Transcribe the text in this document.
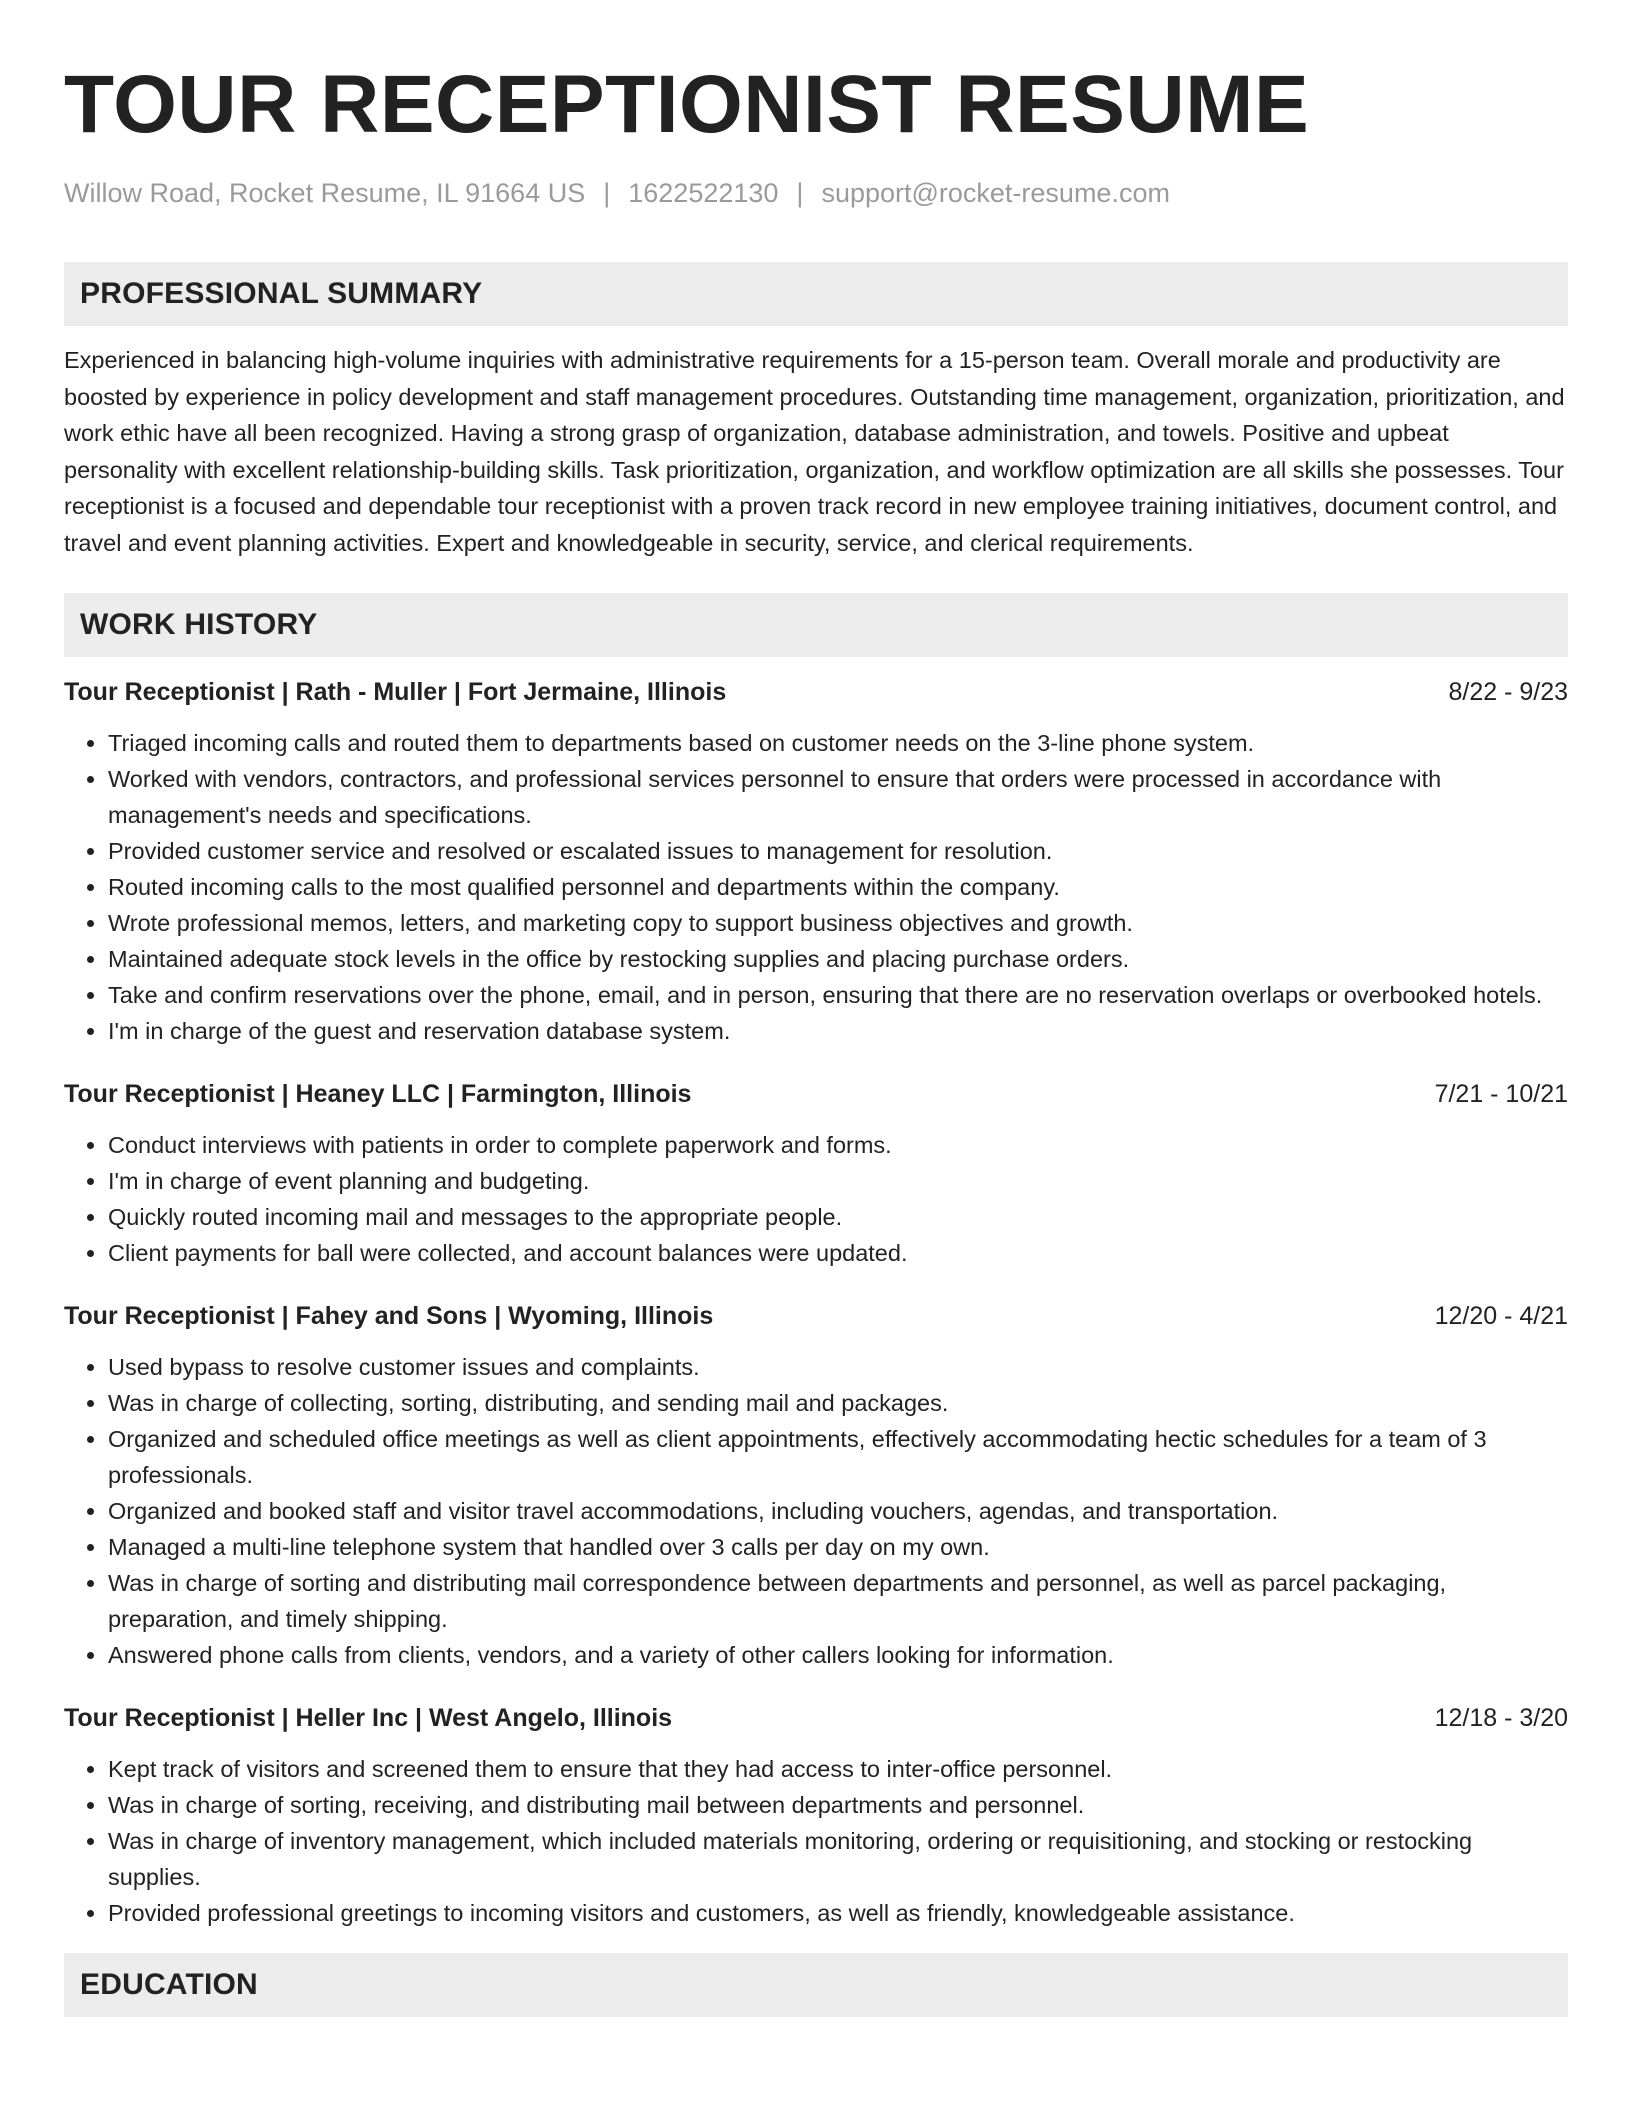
TOUR RECEPTIONIST RESUME
Willow Road, Rocket Resume, IL 91664 US | 1622522130 | support@rocket-resume.com
PROFESSIONAL SUMMARY

Experienced in balancing high-volume inquiries with administrative requirements for a 15-person team. Overall morale and productivity are boosted by experience in policy development and staff management procedures. Outstanding time management, organization, prioritization, and work ethic have all been recognized. Having a strong grasp of organization, database administration, and towels. Positive and upbeat personality with excellent relationship-building skills. Task prioritization, organization, and workflow optimization are all skills she possesses. Tour receptionist is a focused and dependable tour receptionist with a proven track record in new employee training initiatives, document control, and travel and event planning activities. Expert and knowledgeable in security, service, and clerical requirements.

WORK HISTORY
Tour Receptionist | Rath - Muller | Fort Jermaine, Illinois	8/22 - 9/23
• Triaged incoming calls and routed them to departments based on customer needs on the 3-line phone system.
• Worked with vendors, contractors, and professional services personnel to ensure that orders were processed in accordance with management's needs and specifications.
• Provided customer service and resolved or escalated issues to management for resolution.
• Routed incoming calls to the most qualified personnel and departments within the company.
• Wrote professional memos, letters, and marketing copy to support business objectives and growth.
• Maintained adequate stock levels in the office by restocking supplies and placing purchase orders.
• Take and confirm reservations over the phone, email, and in person, ensuring that there are no reservation overlaps or overbooked hotels.
• I'm in charge of the guest and reservation database system.
Tour Receptionist | Heaney LLC | Farmington, Illinois	7/21 - 10/21
• Conduct interviews with patients in order to complete paperwork and forms.
• I'm in charge of event planning and budgeting.
• Quickly routed incoming mail and messages to the appropriate people.
• Client payments for ball were collected, and account balances were updated.
Tour Receptionist | Fahey and Sons | Wyoming, Illinois	12/20 - 4/21
• Used bypass to resolve customer issues and complaints.
• Was in charge of collecting, sorting, distributing, and sending mail and packages.
• Organized and scheduled office meetings as well as client appointments, effectively accommodating hectic schedules for a team of 3 professionals.
• Organized and booked staff and visitor travel accommodations, including vouchers, agendas, and transportation.
• Managed a multi-line telephone system that handled over 3 calls per day on my own.
• Was in charge of sorting and distributing mail correspondence between departments and personnel, as well as parcel packaging, preparation, and timely shipping.
• Answered phone calls from clients, vendors, and a variety of other callers looking for information.
Tour Receptionist | Heller Inc | West Angelo, Illinois	12/18 - 3/20
• Kept track of visitors and screened them to ensure that they had access to inter-office personnel.
• Was in charge of sorting, receiving, and distributing mail between departments and personnel.
• Was in charge of inventory management, which included materials monitoring, ordering or requisitioning, and stocking or restocking supplies.
• Provided professional greetings to incoming visitors and customers, as well as friendly, knowledgeable assistance.
EDUCATION
